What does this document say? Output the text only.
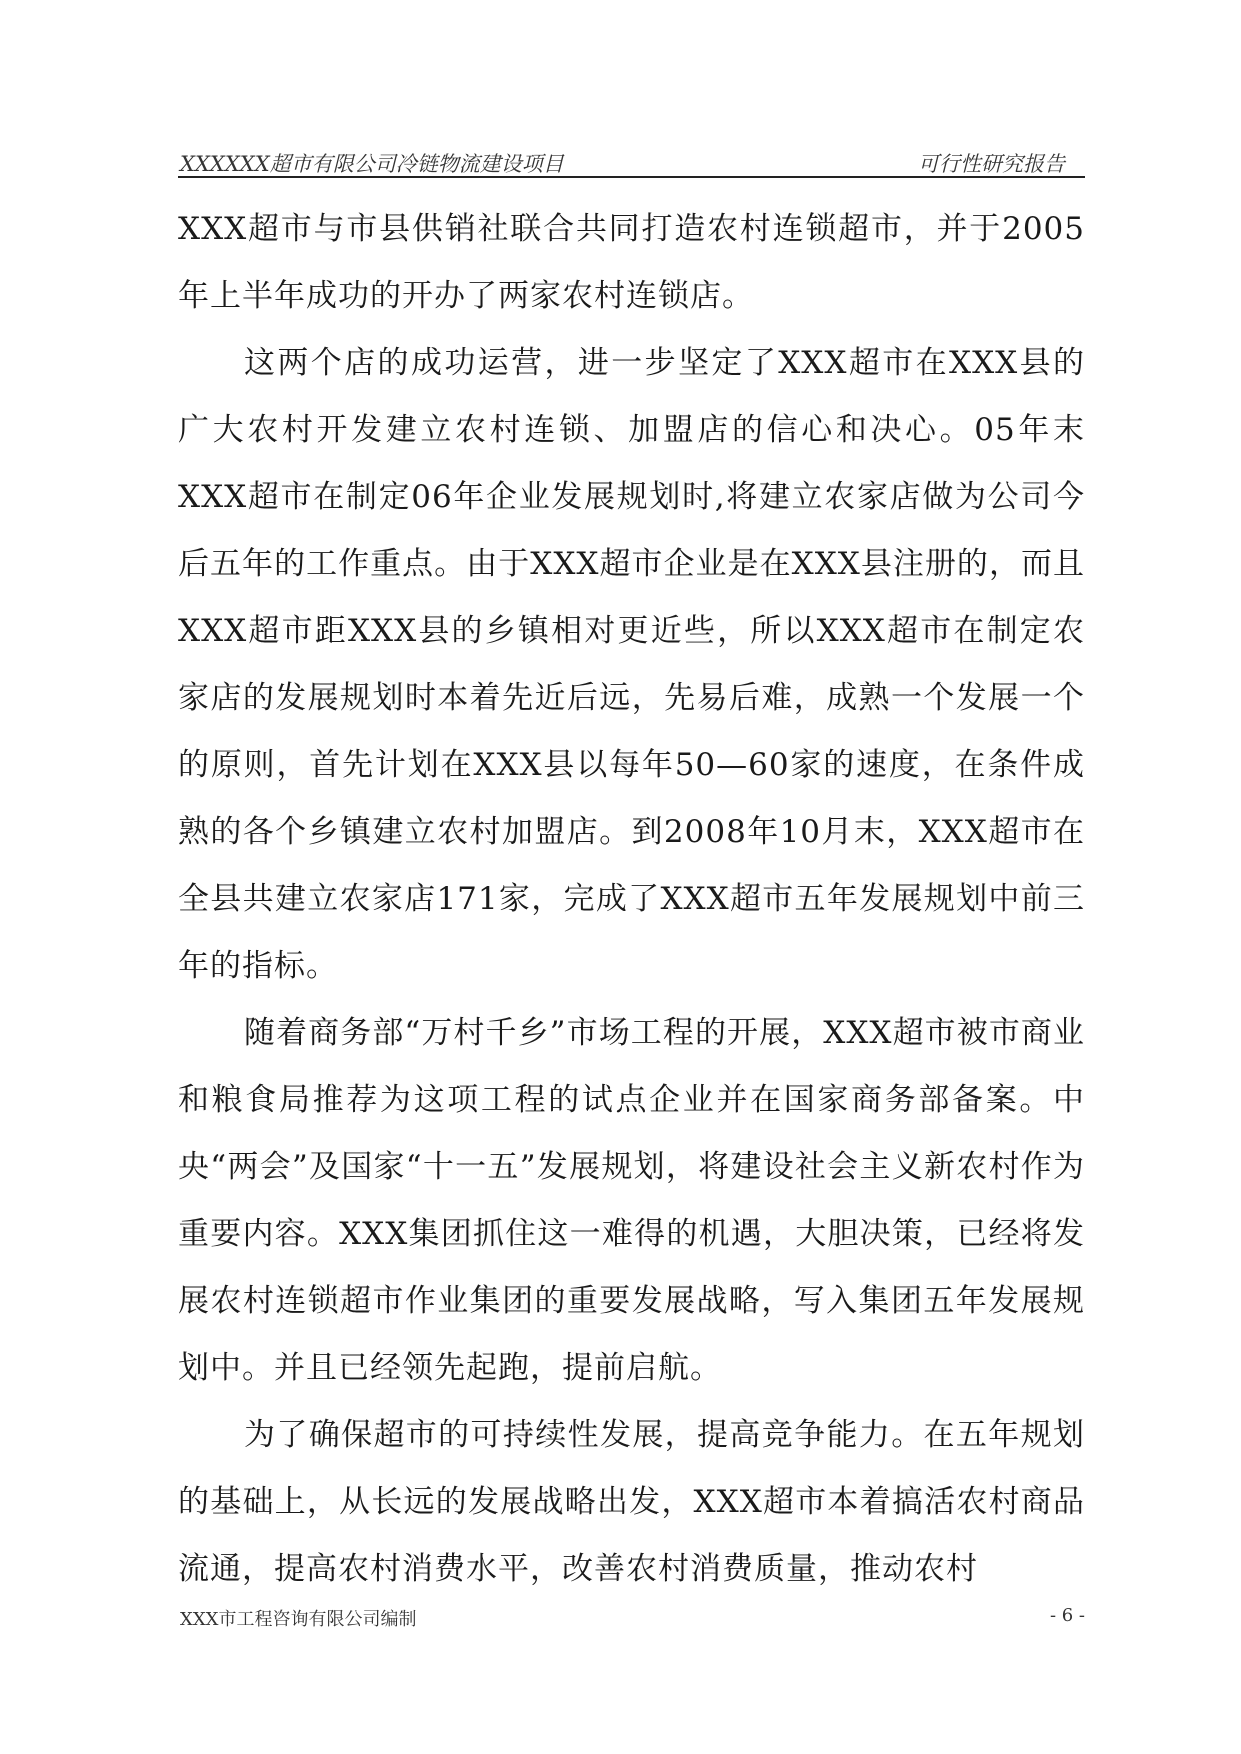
XXXXXX超市有限公司冷链物流建设项目	可行性研究报告

XXX超市与市县供销社联合共同打造农村连锁超市，并于2005年上半年成功的开办了两家农村连锁店。

这两个店的成功运营，进一步坚定了XXX超市在XXX县的广大农村开发建立农村连锁、加盟店的信心和决心。05年末XXX超市在制定06年企业发展规划时,将建立农家店做为公司今后五年的工作重点。由于XXX超市企业是在XXX县注册的，而且XXX超市距XXX县的乡镇相对更近些，所以XXX超市在制定农家店的发展规划时本着先近后远，先易后难，成熟一个发展一个的原则，首先计划在XXX县以每年50—60家的速度，在条件成熟的各个乡镇建立农村加盟店。到2008年10月末，XXX超市在全县共建立农家店171家，完成了XXX超市五年发展规划中前三年的指标。

随着商务部“万村千乡”市场工程的开展，XXX超市被市商业和粮食局推荐为这项工程的试点企业并在国家商务部备案。中央“两会”及国家“十一五”发展规划，将建设社会主义新农村作为重要内容。XXX集团抓住这一难得的机遇，大胆决策，已经将发展农村连锁超市作业集团的重要发展战略，写入集团五年发展规划中。并且已经领先起跑，提前启航。

为了确保超市的可持续性发展，提高竞争能力。在五年规划的基础上，从长远的发展战略出发，XXX超市本着搞活农村商品流通，提高农村消费水平，改善农村消费质量，推动农村

XXX市工程咨询有限公司编制	- 6 -
